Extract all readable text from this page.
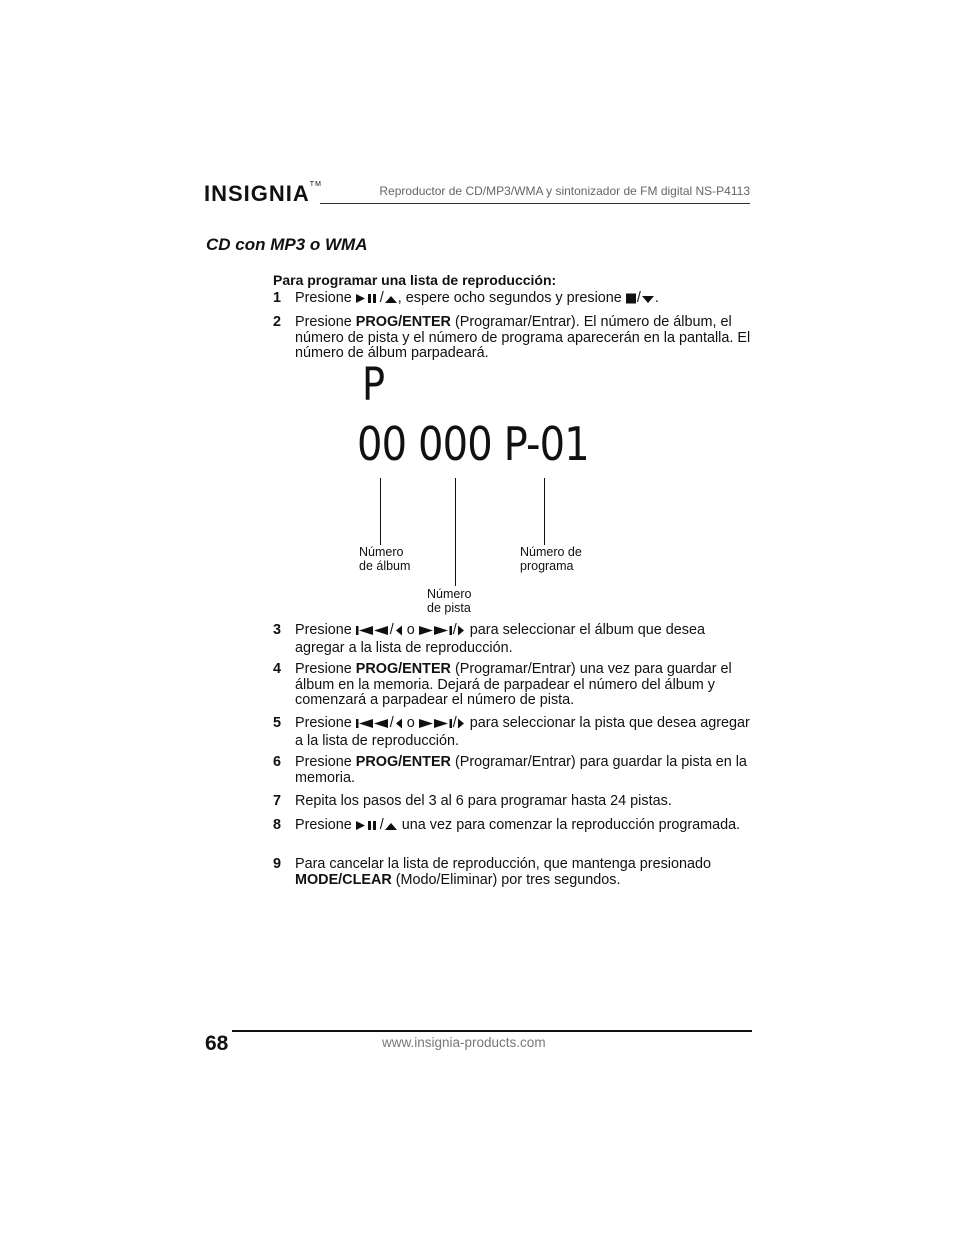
INSIGNIA™	Reproductor de CD/MP3/WMA y sintonizador de FM digital NS-P4113
CD con MP3 o WMA
Para programar una lista de reproducción:
1 Presione / , espere ocho segundos y presione / .
2 Presione PROG/ENTER (Programar/Entrar). El número de álbum, el número de pista y el número de programa aparecerán en la pantalla. El número de álbum parpadeará.
P
00 000 P-01
Número
de álbum
Número
de pista
Número de
programa
3 Presione / o / para seleccionar el álbum que desea agregar a la lista de reproducción.
4 Presione PROG/ENTER (Programar/Entrar) una vez para guardar el álbum en la memoria. Dejará de parpadear el número del álbum y comenzará a parpadear el número de pista.
5 Presione / o / para seleccionar la pista que desea agregar a la lista de reproducción.
6 Presione PROG/ENTER (Programar/Entrar) para guardar la pista en la memoria.
7 Repita los pasos del 3 al 6 para programar hasta 24 pistas.
8 Presione / una vez para comenzar la reproducción programada.
9 Para cancelar la lista de reproducción, que mantenga presionado MODE/CLEAR (Modo/Eliminar) por tres segundos.
68	www.insignia-products.com
